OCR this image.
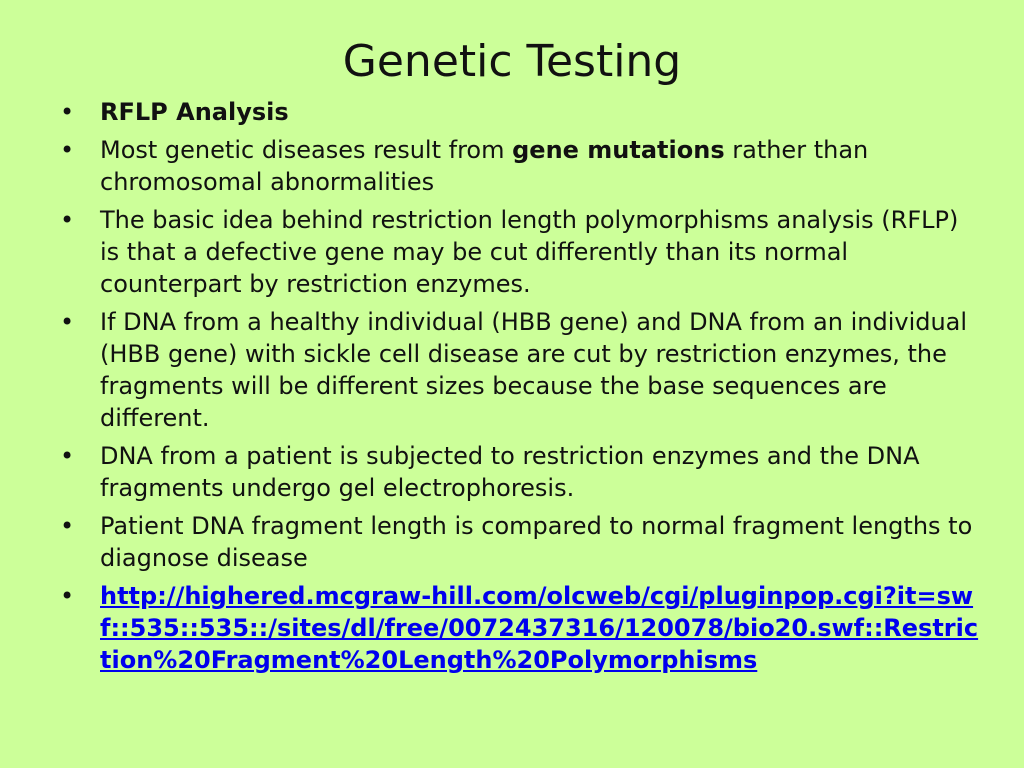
Genetic Testing
•	RFLP Analysis
•	Most genetic diseases result from gene mutations rather than chromosomal abnormalities
•	The basic idea behind restriction length polymorphisms analysis (RFLP) is that a defective gene may be cut differently than its normal counterpart by restriction enzymes.
•	If DNA from a healthy individual (HBB gene) and DNA from an individual (HBB gene) with sickle cell disease are cut by restriction enzymes, the fragments will be different sizes because the base sequences are different.
•	DNA from a patient is subjected to restriction enzymes and the DNA fragments undergo gel electrophoresis.
•	Patient DNA fragment length is compared to normal fragment lengths to diagnose disease
•	http://highered.mcgraw-hill.com/olcweb/cgi/pluginpop.cgi?it=swf::535::535::/sites/dl/free/0072437316/120078/bio20.swf::Restriction%20Fragment%20Length%20Polymorphisms
